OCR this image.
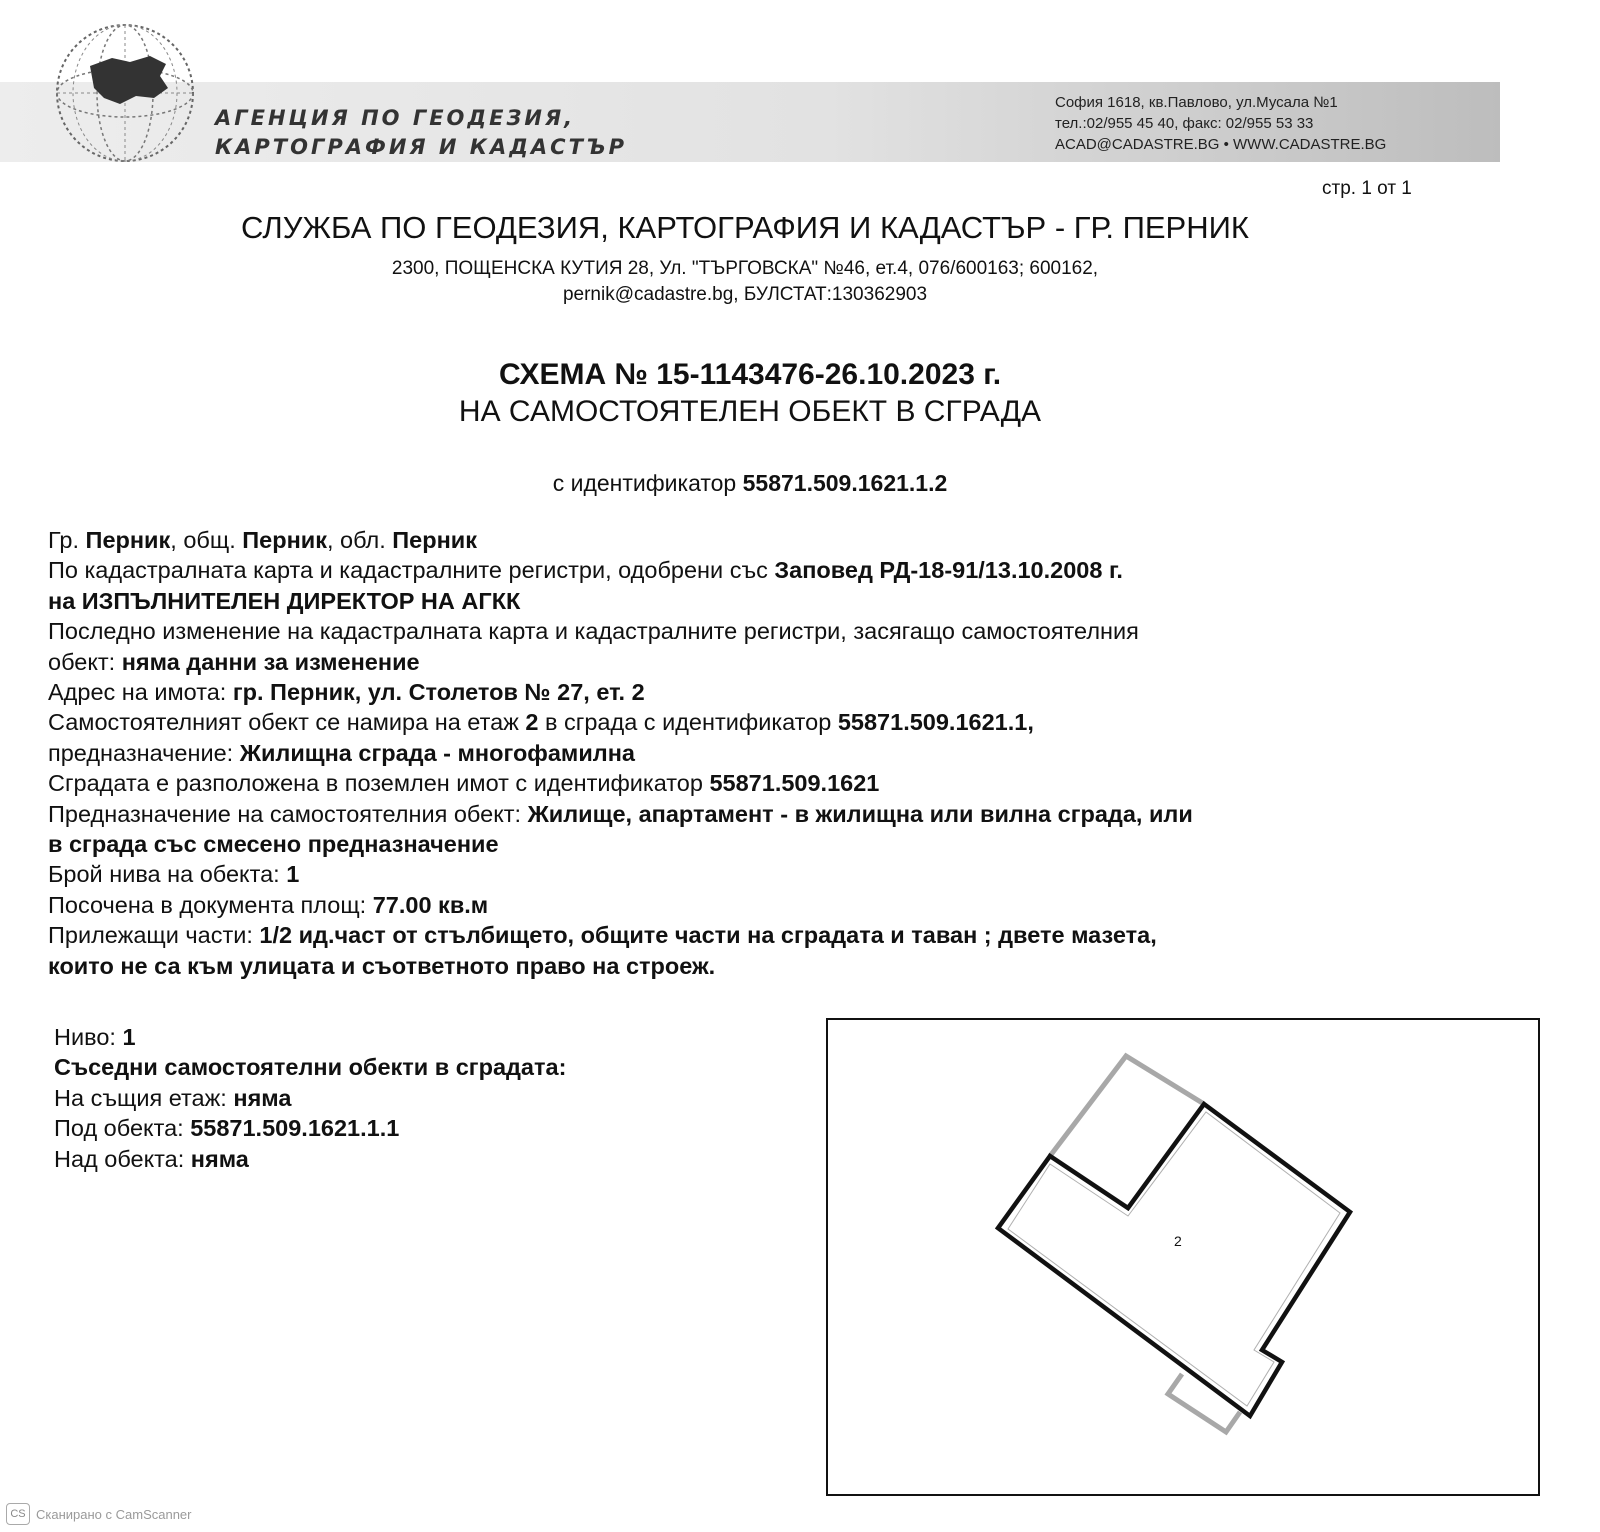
АГЕНЦИЯ ПО ГЕОДЕЗИЯ,
КАРТОГРАФИЯ И КАДАСТЪР
София 1618, кв.Павлово, ул.Мусала №1
тел.:02/955 45 40, факс: 02/955 53 33
ACAD@CADASTRE.BG • WWW.CADASTRE.BG
стр. 1 от 1
СЛУЖБА ПО ГЕОДЕЗИЯ, КАРТОГРАФИЯ И КАДАСТЪР - ГР. ПЕРНИК
2300, ПОЩЕНСКА КУТИЯ 28, Ул. "ТЪРГОВСКА" №46, ет.4, 076/600163; 600162,
pernik@cadastre.bg, БУЛСТАТ:130362903
СХЕМА № 15-1143476-26.10.2023 г.
НА САМОСТОЯТЕЛЕН ОБЕКТ В СГРАДА
с идентификатор 55871.509.1621.1.2
Гр. Перник, общ. Перник, обл. Перник
По кадастралната карта и кадастралните регистри, одобрени със Заповед РД-18-91/13.10.2008 г.
на ИЗПЪЛНИТЕЛЕН ДИРЕКТОР НА АГКК
Последно изменение на кадастралната карта и кадастралните регистри, засягащо самостоятелния
обект: няма данни за изменение
Адрес на имота: гр. Перник, ул. Столетов № 27, ет. 2
Самостоятелният обект се намира на етаж 2 в сграда с идентификатор 55871.509.1621.1,
предназначение: Жилищна сграда - многофамилна
Сградата е разположена в поземлен имот с идентификатор 55871.509.1621
Предназначение на самостоятелния обект: Жилище, апартамент - в жилищна или вилна сграда, или
в сграда със смесено предназначение
Брой нива на обекта: 1
Посочена в документа площ: 77.00 кв.м
Прилежащи части: 1/2 ид.част от стълбището, общите части на сградата и таван ; двете мазета,
които не са към улицата и съответното право на строеж.
Ниво: 1
Съседни самостоятелни обекти в сградата:
На същия етаж: няма
Под обекта: 55871.509.1621.1.1
Над обекта: няма
2
CS Сканирано с CamScanner
